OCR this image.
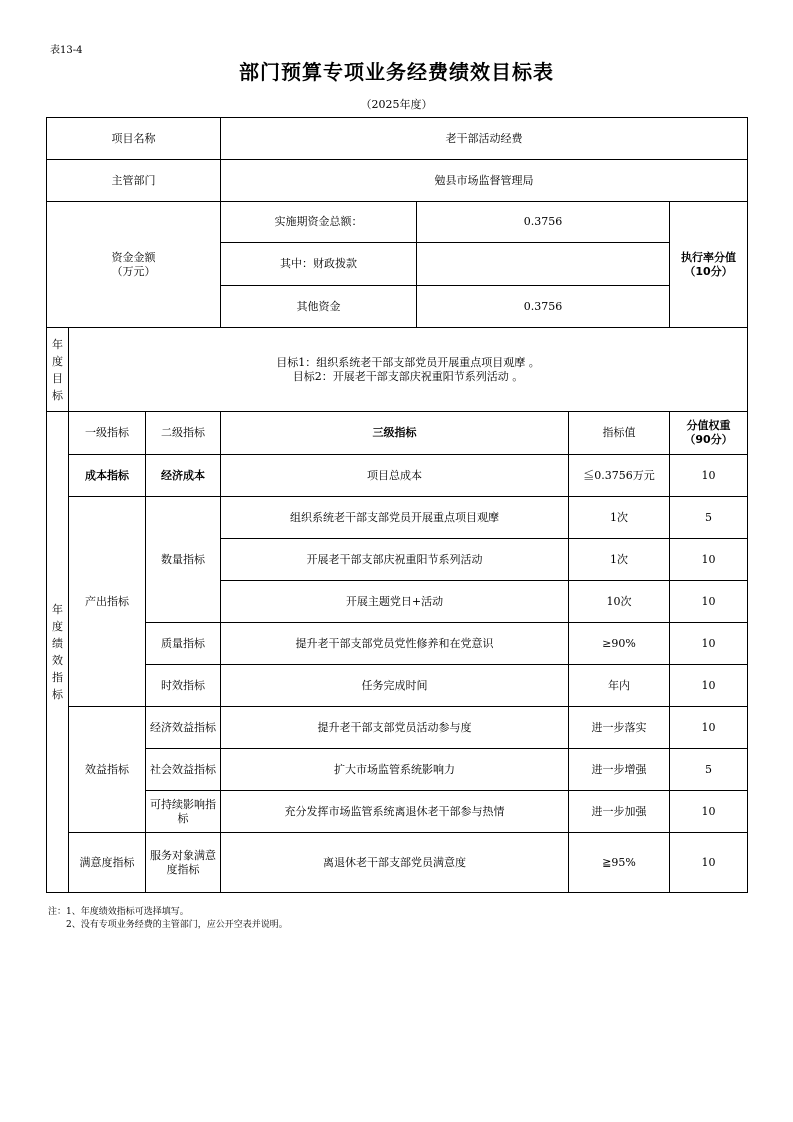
表13-4
部门预算专项业务经费绩效目标表
（2025年度）
项目名称			老干部活动经费			
主管部门			勉县市场监督管理局			
资金金额
（万元）			实施期资金总额：	0.3756		执行率分值
（10分）
			其中：财政拨款			
			其他资金	0.3756		

年度目标	目标1：组织系统老干部支部党员开展重点项目观摩 。
目标2：开展老干部支部庆祝重阳节系列活动 。					

年度绩效指标	一级指标	二级指标	三级指标		指标值	分值权重
（90分）
	成本指标	经济成本	项目总成本		≦0.3756万元	10
	产出指标	数量指标	组织系统老干部支部党员开展重点项目观摩		1次	5
			开展老干部支部庆祝重阳节系列活动		1次	10
			开展主题党日+活动		10次	10
		质量指标	提升老干部支部党员党性修养和在党意识		≥90%	10
		时效指标	任务完成时间		年内	10
	效益指标	经济效益指标	提升老干部支部党员活动参与度		进一步落实	10
		社会效益指标	扩大市场监管系统影响力		进一步增强	5
		可持续影响指标	充分发挥市场监管系统离退休老干部参与热情		进一步加强	10
	满意度指标	服务对象满意度指标	离退休老干部支部党员满意度		≧95%	10
注：1、年度绩效指标可选择填写。
2、没有专项业务经费的主管部门，应公开空表并说明。
